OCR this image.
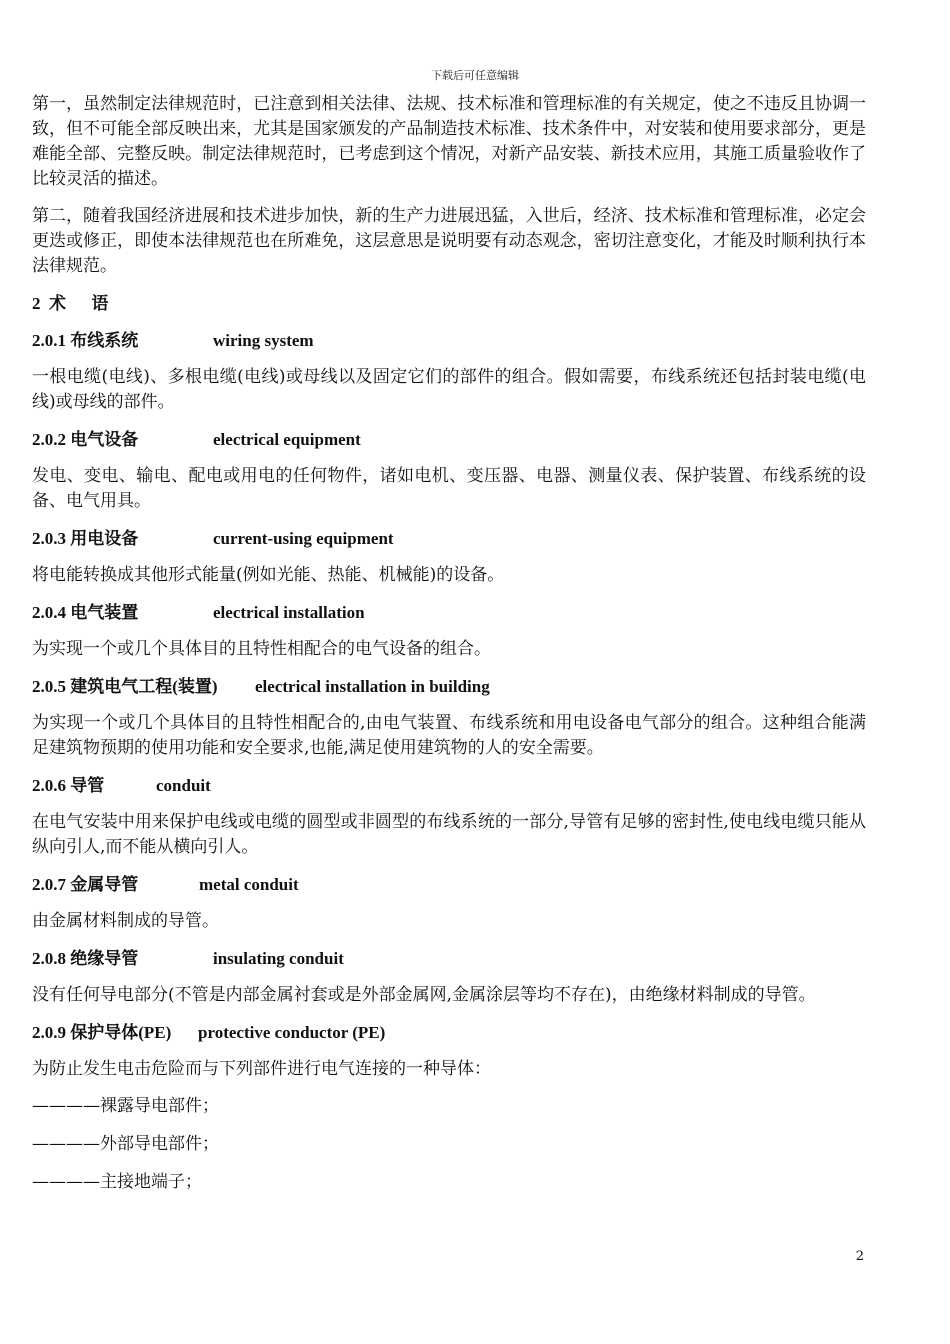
下载后可任意编辑

第一，虽然制定法律规范时，已注意到相关法律、法规、技术标准和管理标准的有关规定，使之不违反且协调一致，但不可能全部反映出来，尤其是国家颁发的产品制造技术标准、技术条件中，对安装和使用要求部分，更是难能全部、完整反映。制定法律规范时，已考虑到这个情况，对新产品安装、新技术应用，其施工质量验收作了比较灵活的描述。

第二，随着我国经济进展和技术进步加快，新的生产力进展迅猛，入世后，经济、技术标准和管理标准，必定会更迭或修正，即使本法律规范也在所难免，这层意思是说明要有动态观念，密切注意变化，才能及时顺利执行本法律规范。

2  术      语
2.0.1 布线系统	wiring system

一根电缆(电线)、多根电缆(电线)或母线以及固定它们的部件的组合。假如需要，布线系统还包括封装电缆(电线)或母线的部件。

2.0.2 电气设备	electrical equipment

发电、变电、输电、配电或用电的任何物件，诸如电机、变压器、电器、测量仪表、保护装置、布线系统的设备、电气用具。

2.0.3 用电设备	current-using equipment

将电能转换成其他形式能量(例如光能、热能、机械能)的设备。

2.0.4 电气装置	electrical installation

为实现一个或几个具体目的且特性相配合的电气设备的组合。

2.0.5 建筑电气工程(装置)	electrical installation in building

为实现一个或几个具体目的且特性相配合的,由电气装置、布线系统和用电设备电气部分的组合。这种组合能满足建筑物预期的使用功能和安全要求,也能,满足使用建筑物的人的安全需要。

2.0.6 导管	conduit

在电气安装中用来保护电线或电缆的圆型或非圆型的布线系统的一部分,导管有足够的密封性,使电线电缆只能从纵向引人,而不能从横向引人。

2.0.7 金属导管	metal conduit

由金属材料制成的导管。

2.0.8 绝缘导管	insulating conduit

没有任何导电部分(不管是内部金属衬套或是外部金属网,金属涂层等均不存在)，由绝缘材料制成的导管。

2.0.9 保护导体(PE)	protective conductor (PE)

为防止发生电击危险而与下列部件进行电气连接的一种导体：

————裸露导电部件；

————外部导电部件；

————主接地端子；

2
